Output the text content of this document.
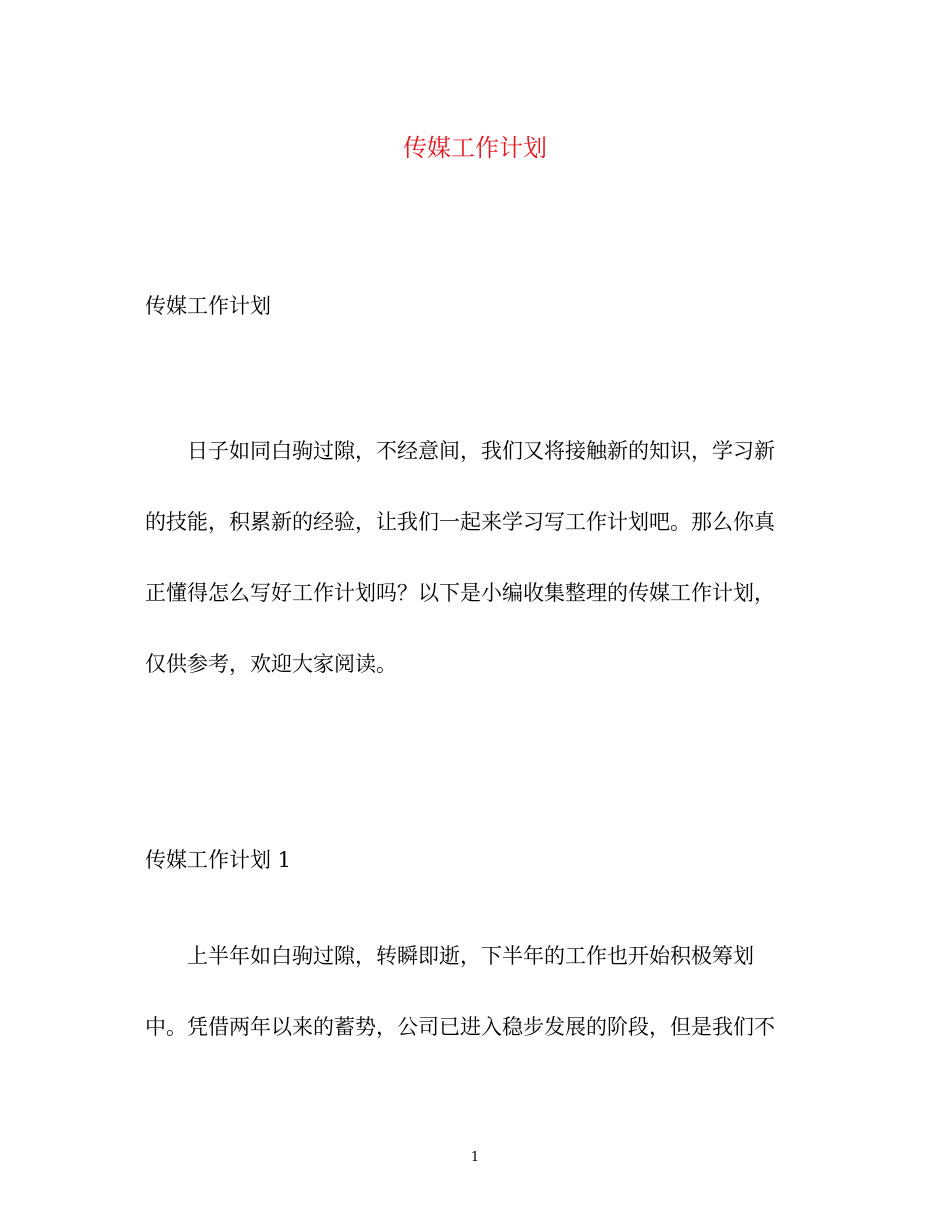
传媒工作计划
传媒工作计划

日子如同白驹过隙，不经意间，我们又将接触新的知识，学习新

的技能，积累新的经验，让我们一起来学习写工作计划吧。那么你真

正懂得怎么写好工作计划吗？以下是小编收集整理的传媒工作计划，

仅供参考，欢迎大家阅读。

传媒工作计划 1

上半年如白驹过隙，转瞬即逝，下半年的工作也开始积极筹划

中。凭借两年以来的蓄势，公司已进入稳步发展的阶段，但是我们不

1
